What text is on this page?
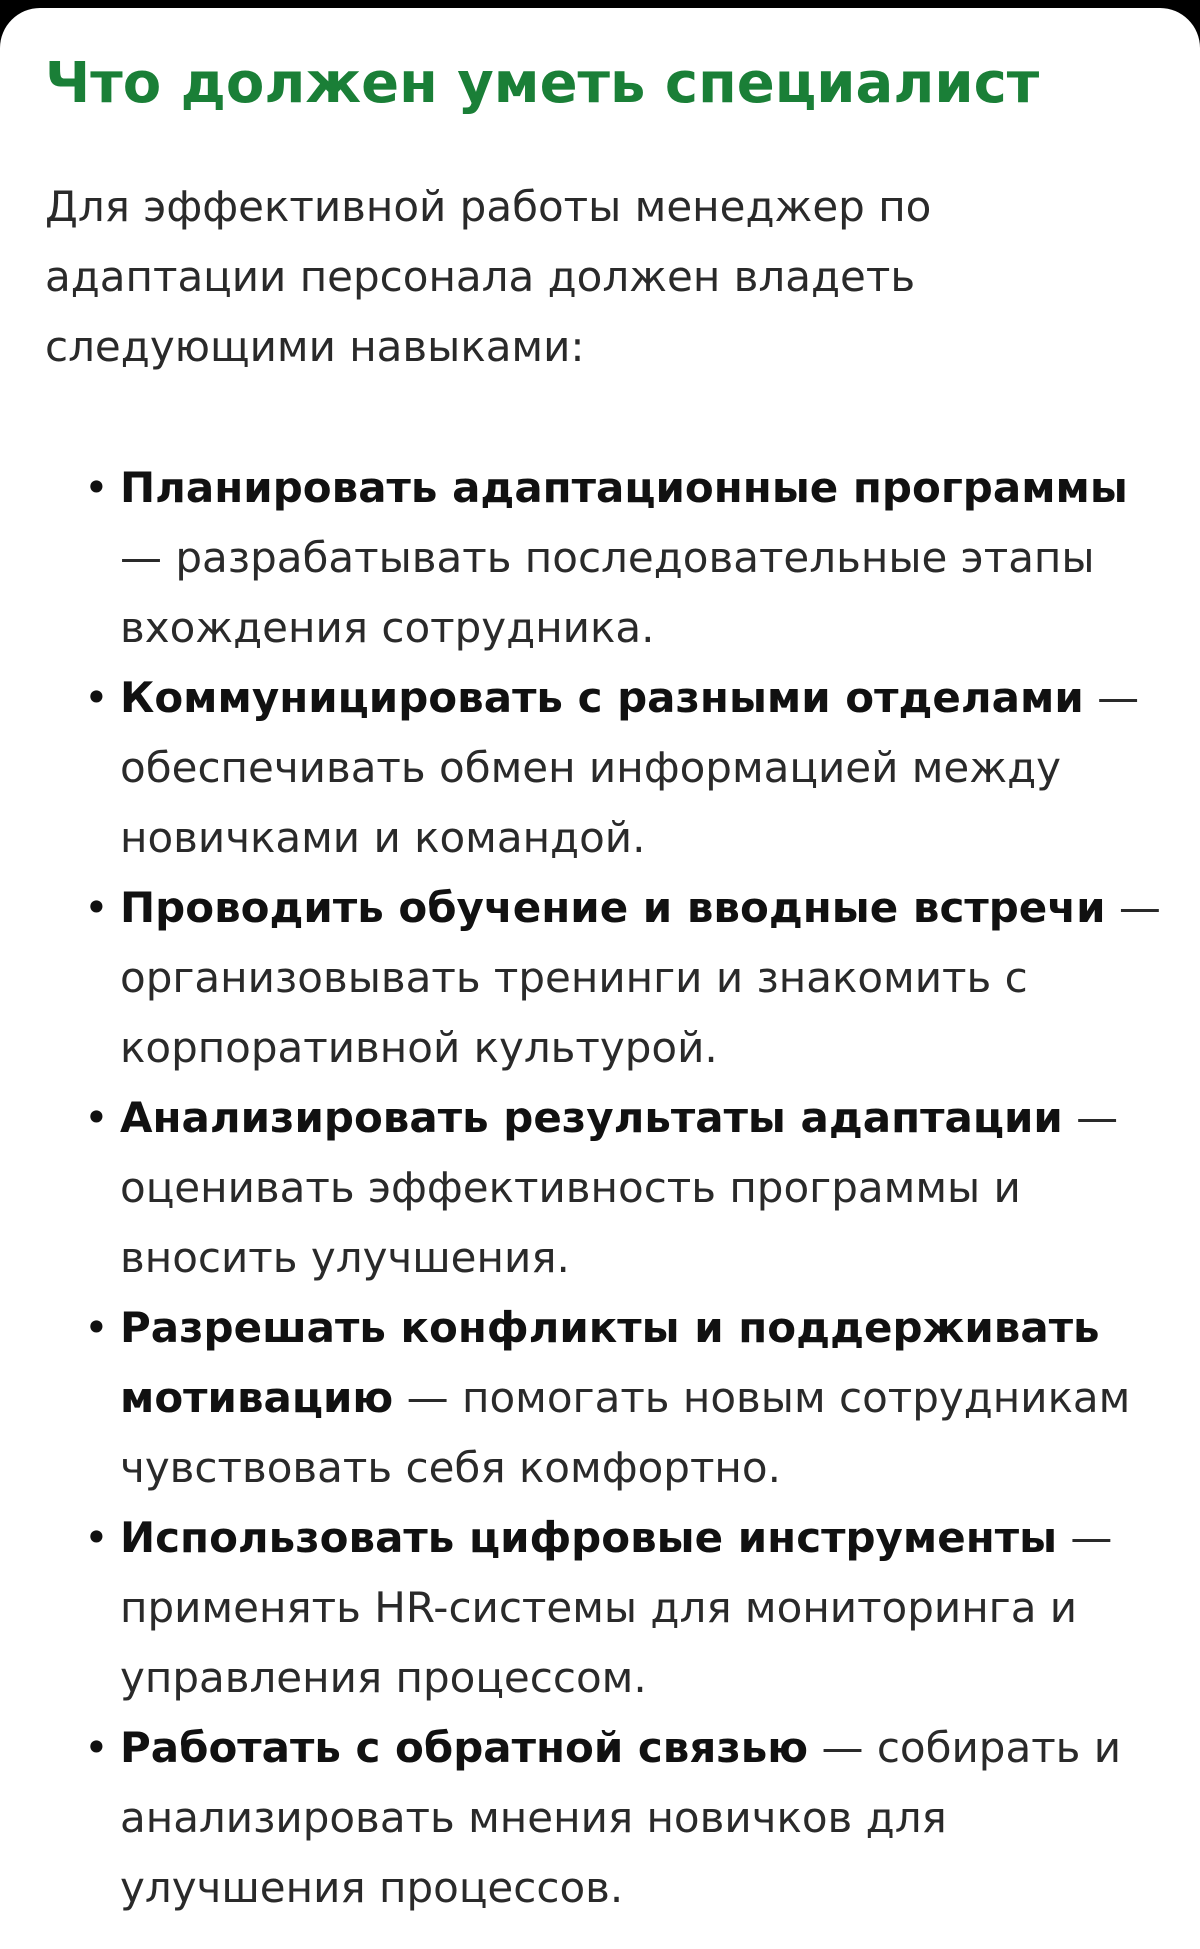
Что должен уметь специалист

Для эффективной работы менеджер по адаптации персонала должен владеть следующими навыками:

• Планировать адаптационные программы — разрабатывать последовательные этапы вхождения сотрудника.
• Коммуницировать с разными отделами — обеспечивать обмен информацией между новичками и командой.
• Проводить обучение и вводные встречи — организовывать тренинги и знакомить с корпоративной культурой.
• Анализировать результаты адаптации — оценивать эффективность программы и вносить улучшения.
• Разрешать конфликты и поддерживать мотивацию — помогать новым сотрудникам чувствовать себя комфортно.
• Использовать цифровые инструменты — применять HR-системы для мониторинга и управления процессом.
• Работать с обратной связью — собирать и анализировать мнения новичков для улучшения процессов.
